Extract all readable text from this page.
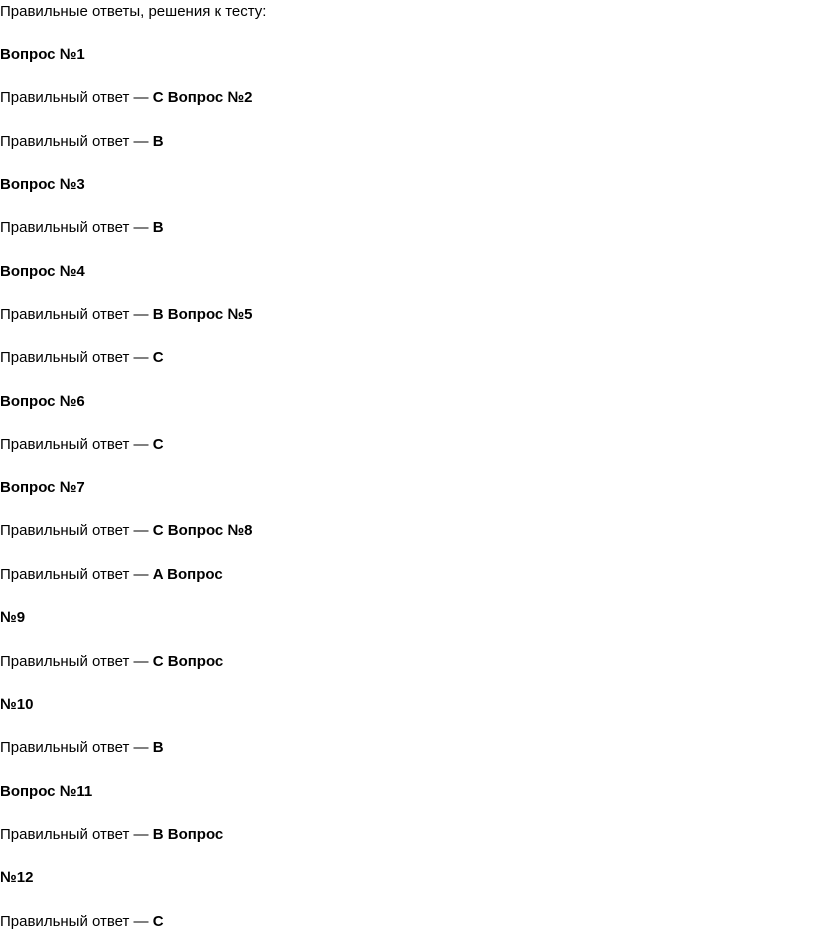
Правильные ответы, решения к тесту:
Вопрос №1
Правильный ответ — C Вопрос №2
Правильный ответ — B
Вопрос №3
Правильный ответ — B
Вопрос №4
Правильный ответ — B Вопрос №5
Правильный ответ — C
Вопрос №6
Правильный ответ — C
Вопрос №7
Правильный ответ — C Вопрос №8
Правильный ответ — A Вопрос
№9
Правильный ответ — C Вопрос
№10
Правильный ответ — B
Вопрос №11
Правильный ответ — B Вопрос
№12
Правильный ответ — C
